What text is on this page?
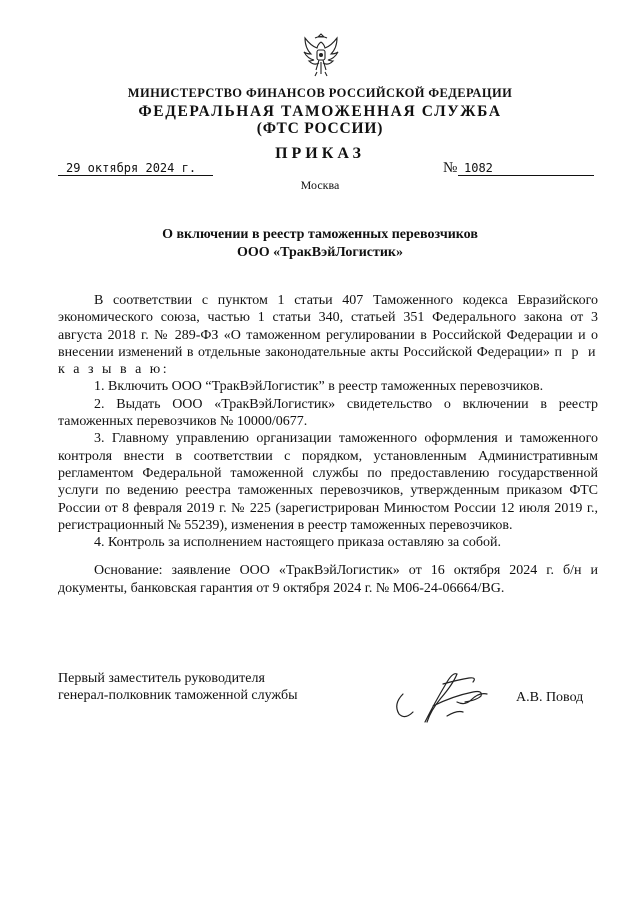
МИНИСТЕРСТВО ФИНАНСОВ РОССИЙСКОЙ ФЕДЕРАЦИИ
ФЕДЕРАЛЬНАЯ ТАМОЖЕННАЯ СЛУЖБА
(ФТС РОССИИ)
ПРИКАЗ
29 октября 2024 г.	№ 1082
Москва
О включении в реестр таможенных перевозчиков
ООО «ТракВэйЛогистик»
В соответствии с пунктом 1 статьи 407 Таможенного кодекса Евразийского экономического союза, частью 1 статьи 340, статьей 351 Федерального закона от 3 августа 2018 г. № 289-ФЗ «О таможенном регулировании в Российской Федерации и о внесении изменений в отдельные законодательные акты Российской Федерации» п р и к а з ы в а ю:
1. Включить ООО “ТракВэйЛогистик” в реестр таможенных перевозчиков.
2. Выдать ООО «ТракВэйЛогистик» свидетельство о включении в реестр таможенных перевозчиков № 10000/0677.
3. Главному управлению организации таможенного оформления и таможенного контроля внести в соответствии с порядком, установленным Административным регламентом Федеральной таможенной службы по предоставлению государственной услуги по ведению реестра таможенных перевозчиков, утвержденным приказом ФТС России от 8 февраля 2019 г. № 225 (зарегистрирован Минюстом России 12 июля 2019 г., регистрационный № 55239), изменения в реестр таможенных перевозчиков.
4. Контроль за исполнением настоящего приказа оставляю за собой.
Основание: заявление ООО «ТракВэйЛогистик» от 16 октября 2024 г. б/н и документы, банковская гарантия от 9 октября 2024 г. № М06-24-06664/BG.
Первый заместитель руководителя
генерал-полковник таможенной службы	А.В. Повод
